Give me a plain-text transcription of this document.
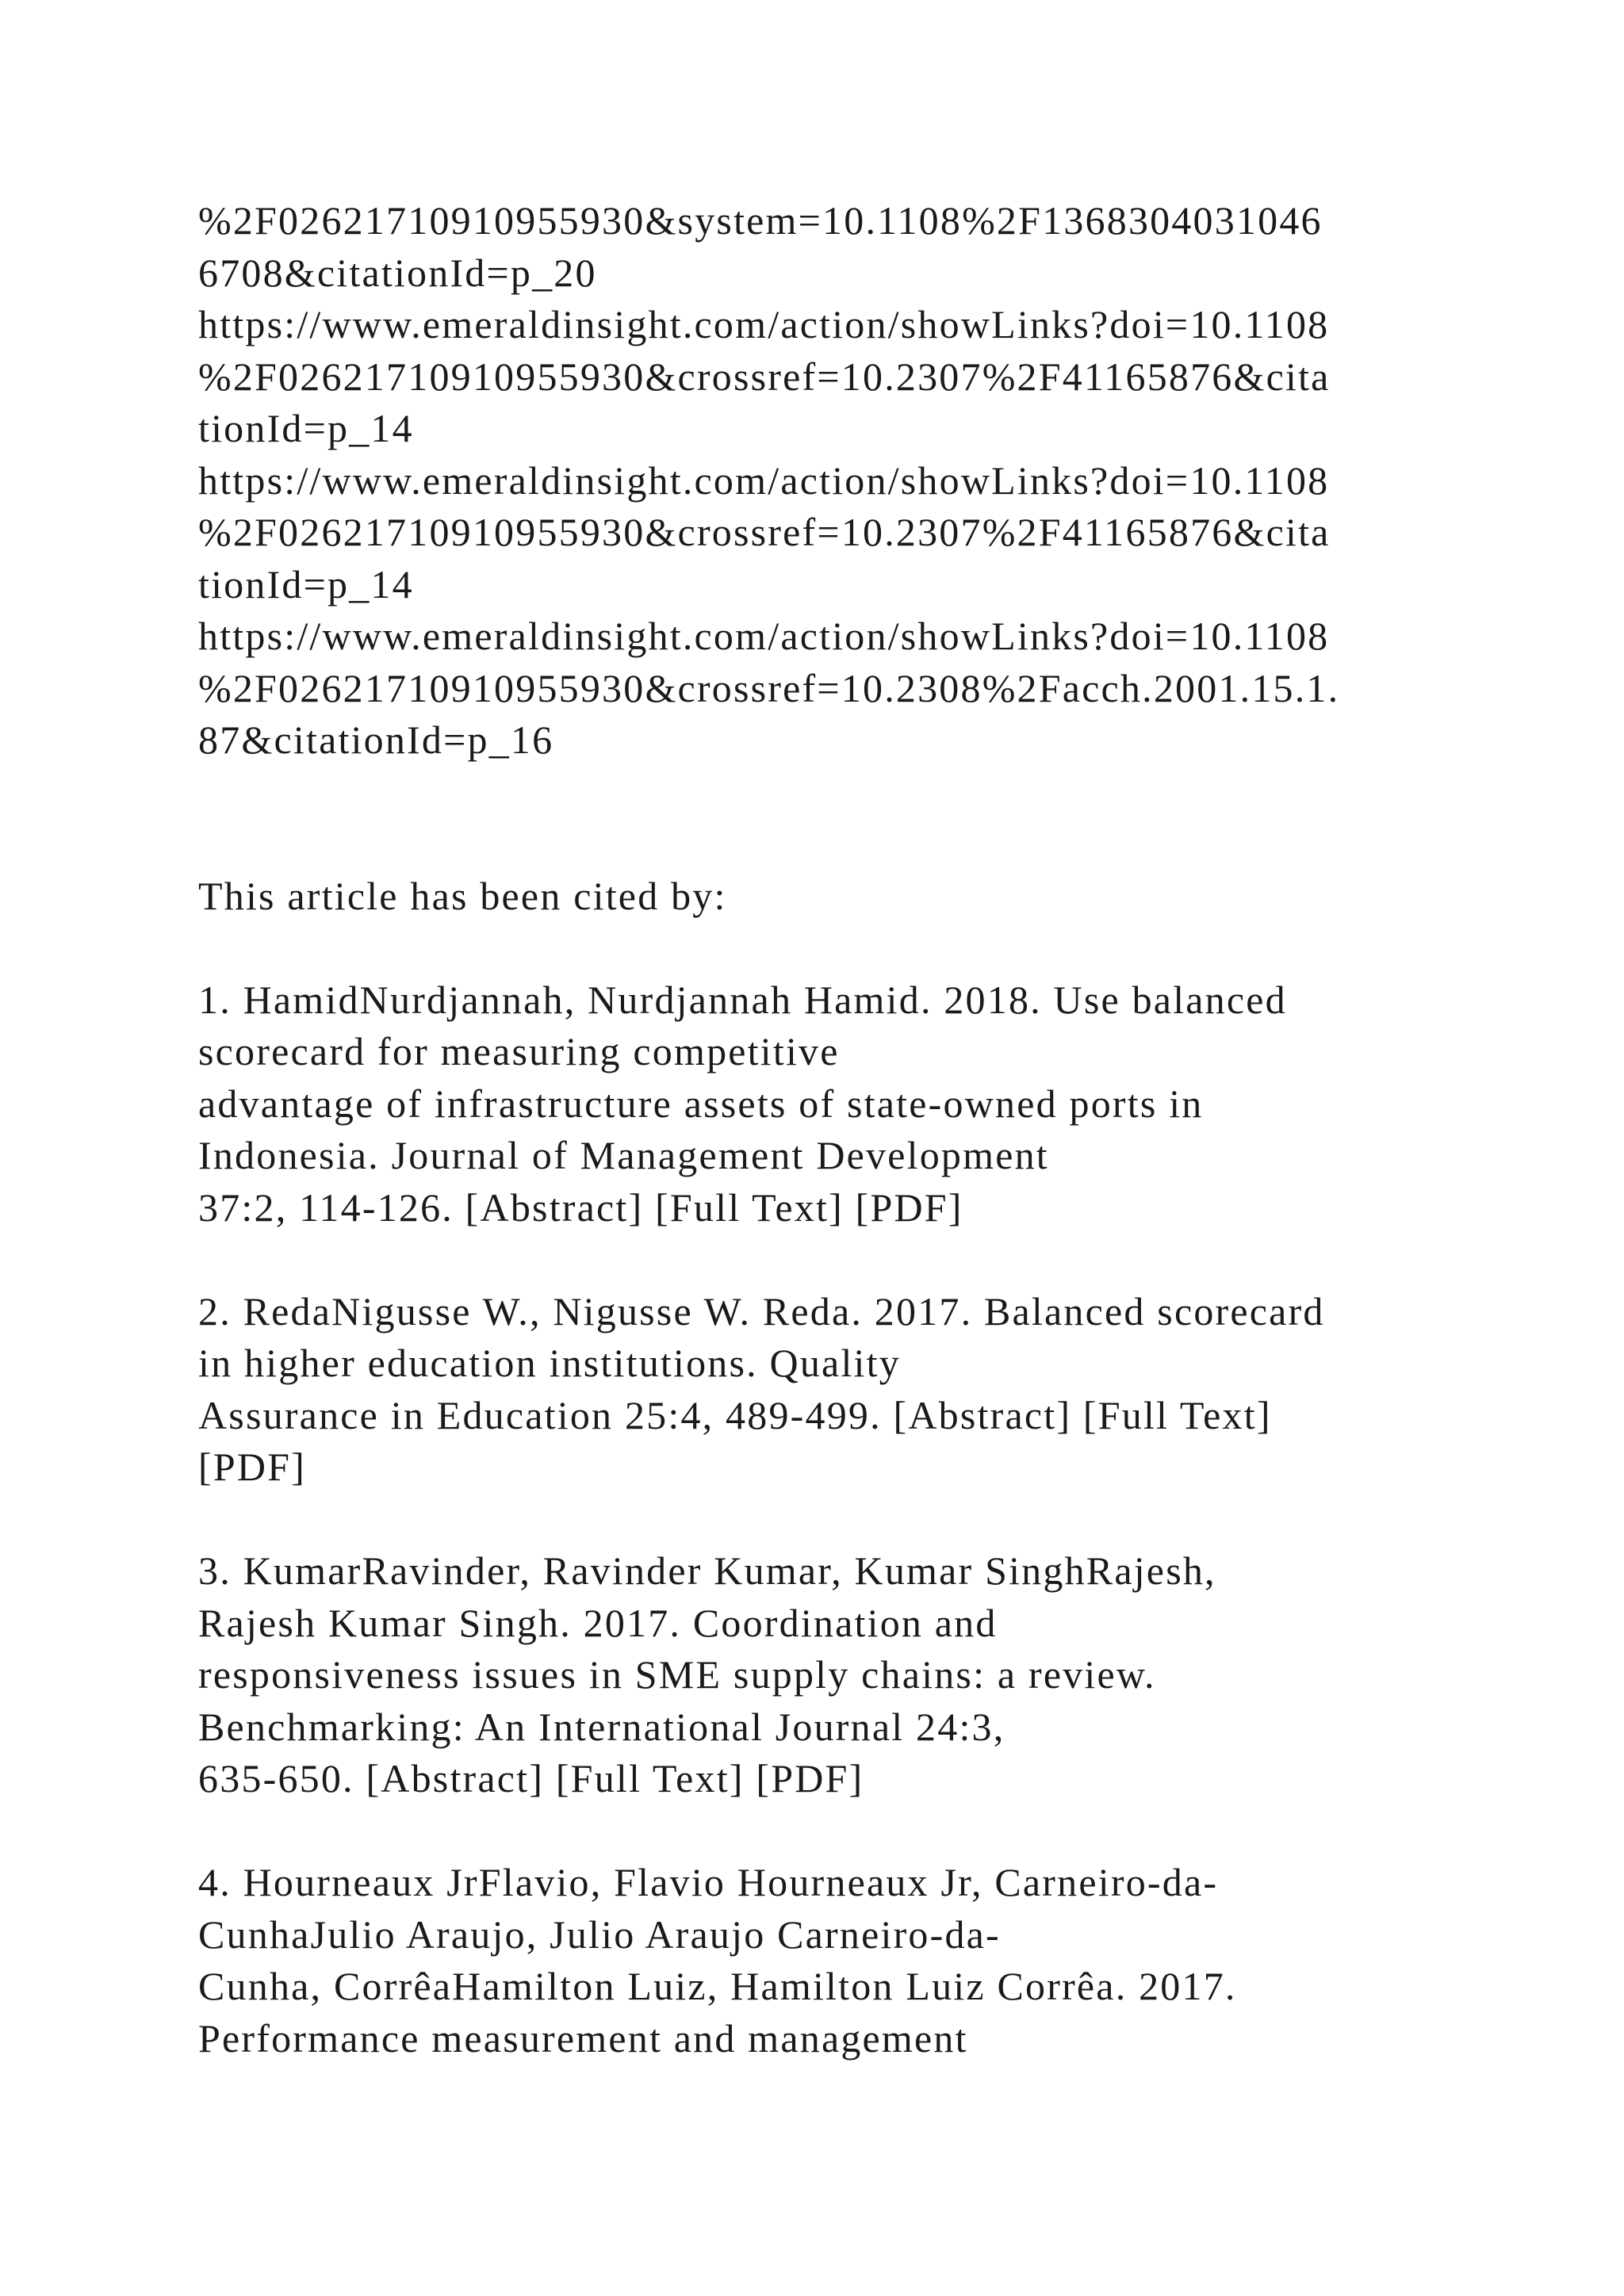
%2F02621710910955930&system=10.1108%2F1368304031046
6708&citationId=p_20
https://www.emeraldinsight.com/action/showLinks?doi=10.1108
%2F02621710910955930&crossref=10.2307%2F41165876&cita
tionId=p_14
https://www.emeraldinsight.com/action/showLinks?doi=10.1108
%2F02621710910955930&crossref=10.2307%2F41165876&cita
tionId=p_14
https://www.emeraldinsight.com/action/showLinks?doi=10.1108
%2F02621710910955930&crossref=10.2308%2Facch.2001.15.1.
87&citationId=p_16
This article has been cited by:
1. HamidNurdjannah, Nurdjannah Hamid. 2018. Use balanced
scorecard for measuring competitive
advantage of infrastructure assets of state-owned ports in
Indonesia. Journal of Management Development
37:2, 114-126. [Abstract] [Full Text] [PDF]
2. RedaNigusse W., Nigusse W. Reda. 2017. Balanced scorecard
in higher education institutions. Quality
Assurance in Education 25:4, 489-499. [Abstract] [Full Text]
[PDF]
3. KumarRavinder, Ravinder Kumar, Kumar SinghRajesh,
Rajesh Kumar Singh. 2017. Coordination and
responsiveness issues in SME supply chains: a review.
Benchmarking: An International Journal 24:3,
635-650. [Abstract] [Full Text] [PDF]
4. Hourneaux JrFlavio, Flavio Hourneaux Jr, Carneiro-da-
CunhaJulio Araujo, Julio Araujo Carneiro-da-
Cunha, CorrêaHamilton Luiz, Hamilton Luiz Corrêa. 2017.
Performance measurement and management
